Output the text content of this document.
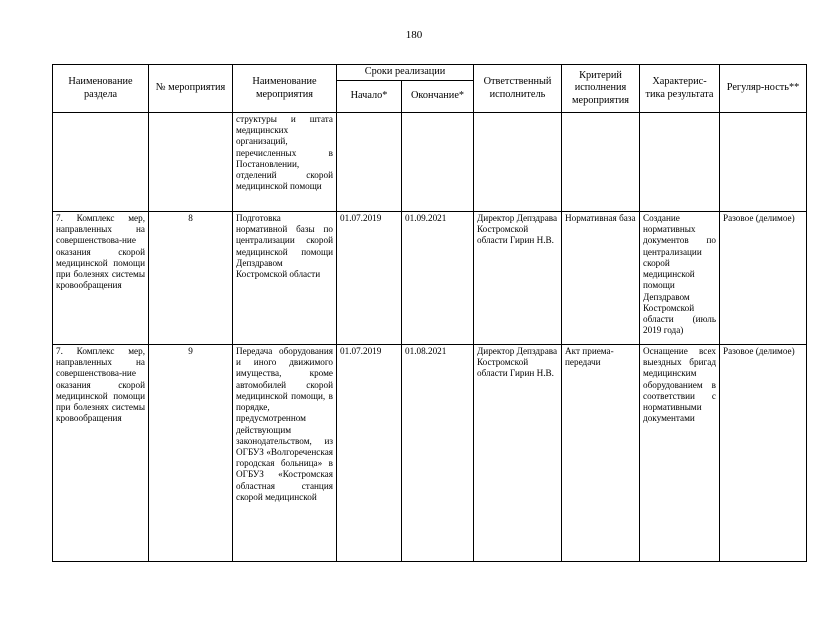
180
Наименование раздела	№ мероприятия	Наименование мероприятия	Сроки реализации		Ответственный исполнитель	Критерий исполнения мероприятия	Характерис-тика результата	Регуляр-ность**
			Начало*	Окончание*				
		структуры и штата медицинских организаций, перечисленных в Постановлении, отделений скорой медицинской помощи						
7. Комплекс мер, направленных на совершенствова-ние оказания скорой медицинской помощи при болезнях системы кровообращения	8	Подготовка нормативной базы по централизации скорой медицинской помощи Депздравом Костромской области	01.07.2019	01.09.2021	Директор Депздрава Костромской области Гирин Н.В.	Нормативная база	Создание нормативных документов по централизации скорой медицинской помощи Депздравом Костромской области (июль 2019 года)	Разовое (делимое)
7. Комплекс мер, направленных на совершенствова-ние оказания скорой медицинской помощи при болезнях системы кровообращения	9	Передача оборудования и иного движимого имущества, кроме автомобилей скорой медицинской помощи, в порядке, предусмотренном действующим законодательством, из ОГБУЗ «Волгореченская городская больница» в ОГБУЗ «Костромская областная станция скорой медицинской	01.07.2019	01.08.2021	Директор Депздрава Костромской области Гирин Н.В.	Акт приема-передачи	Оснащение всех выездных бригад медицинским оборудованием в соответствии с нормативными документами	Разовое (делимое)
